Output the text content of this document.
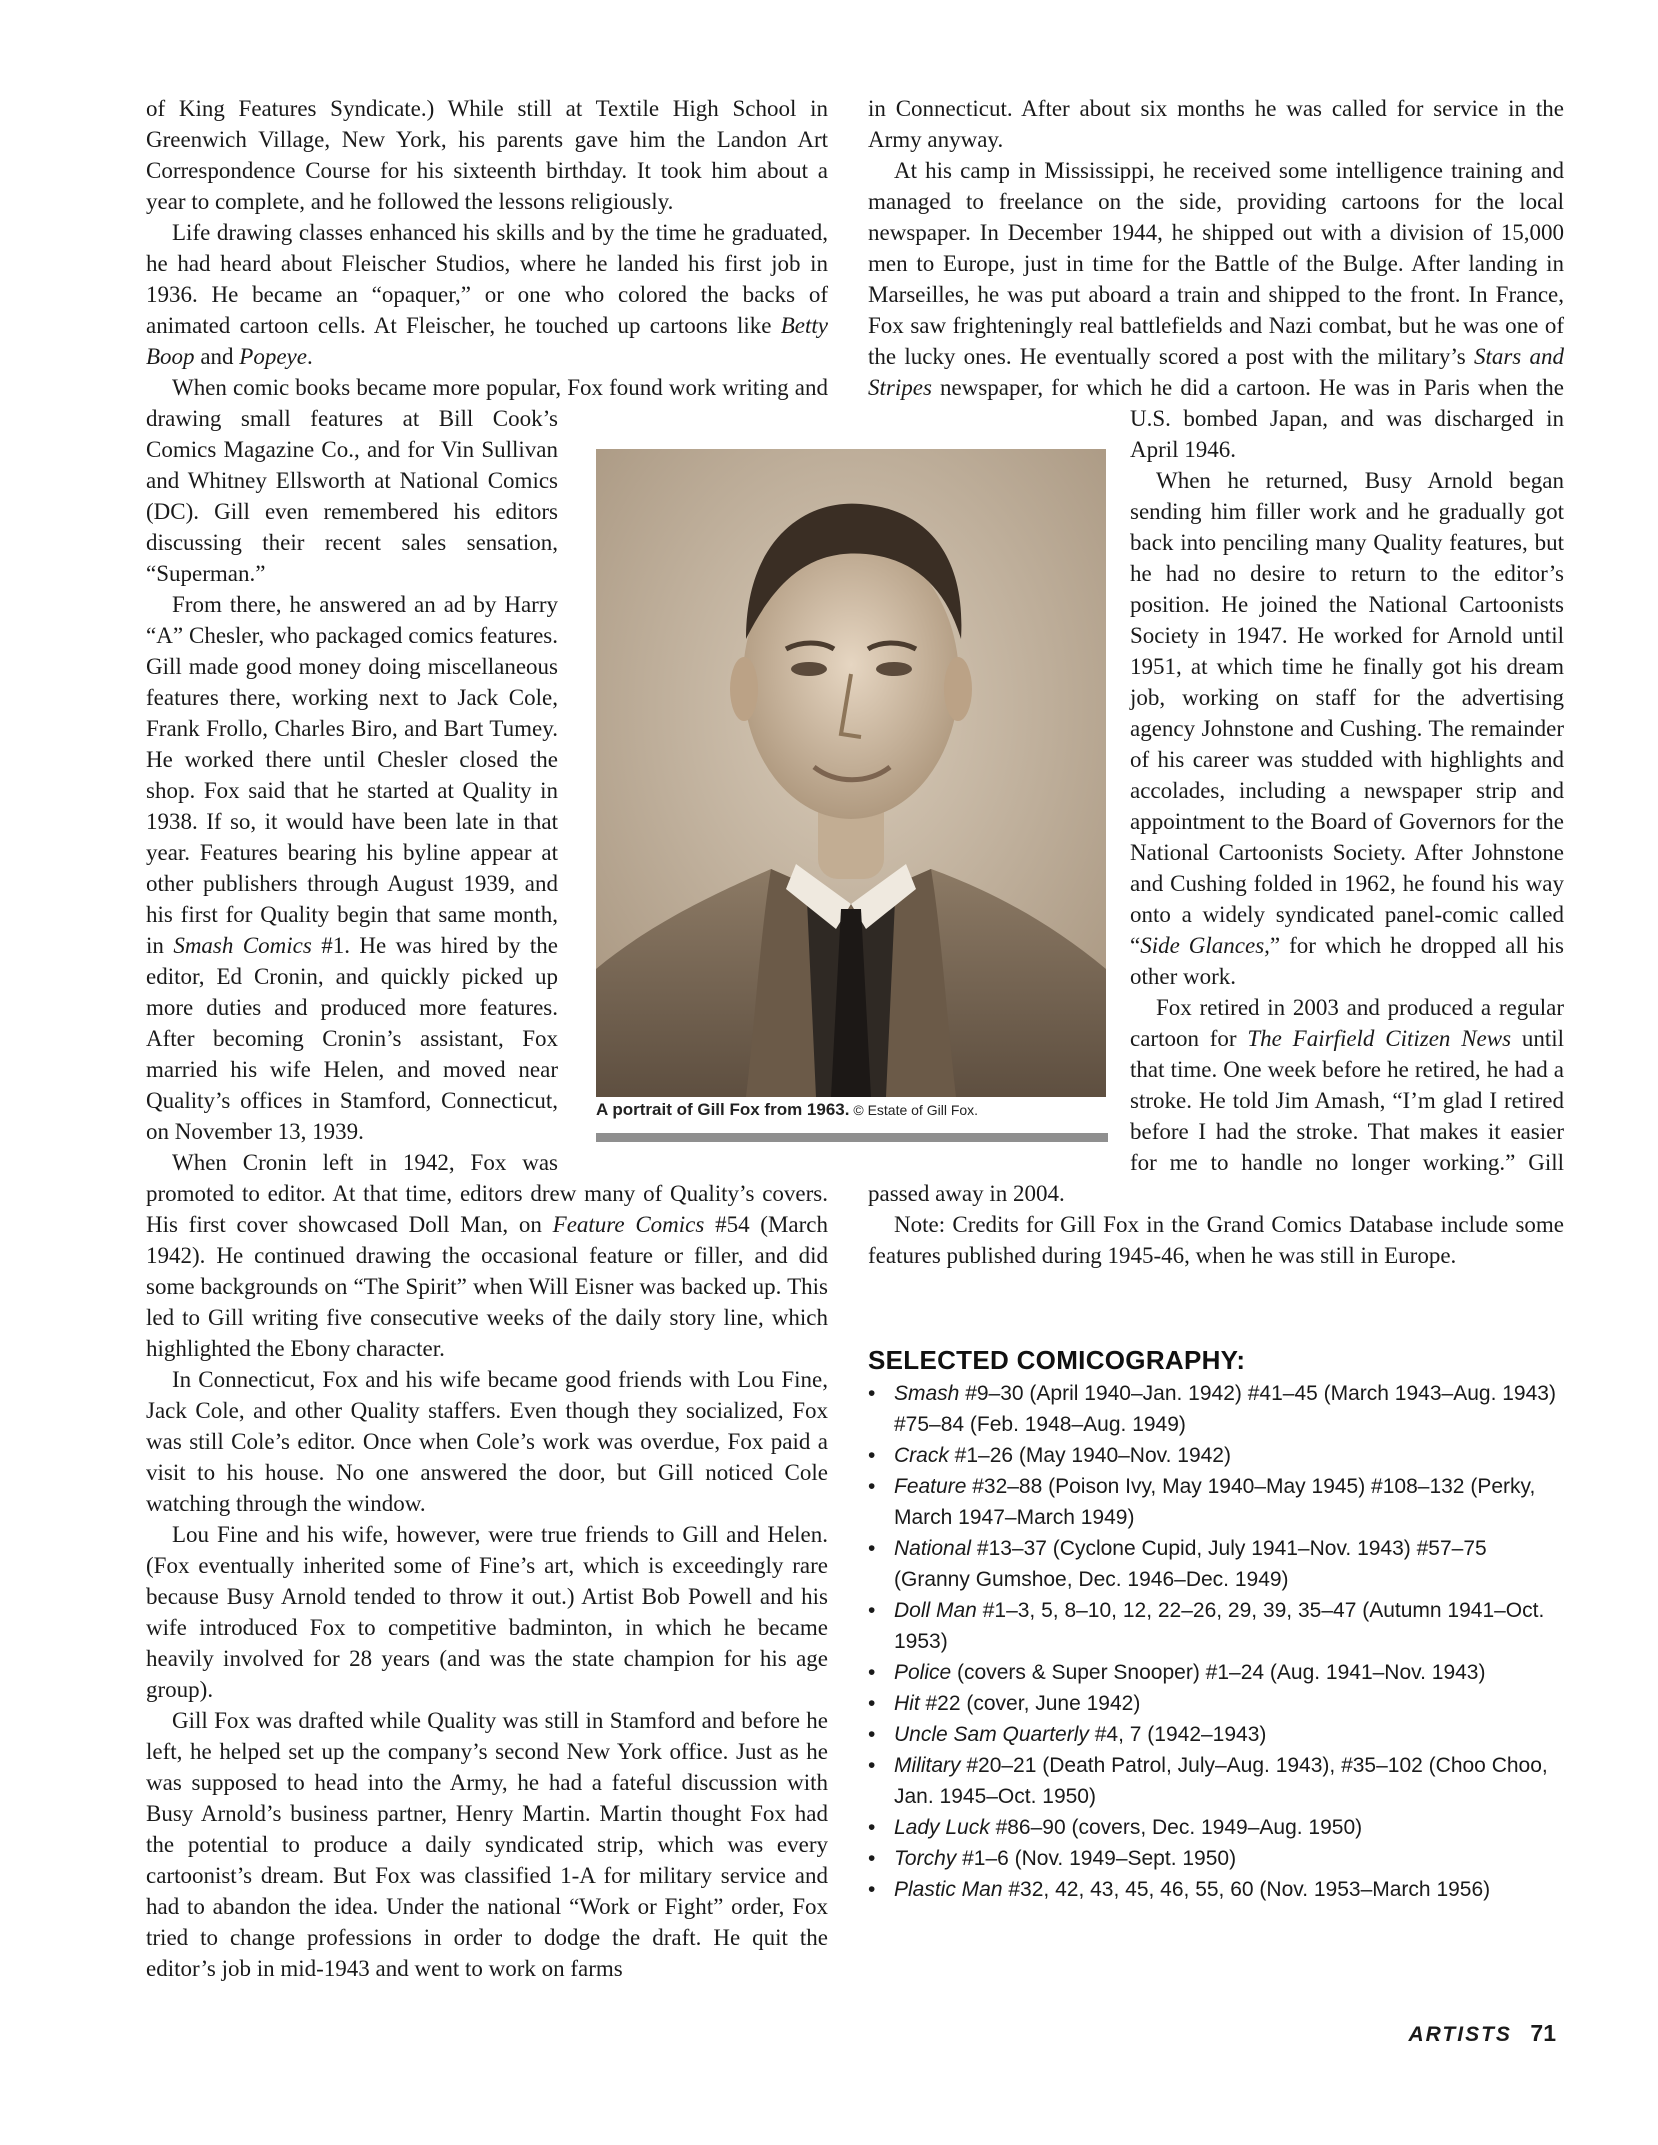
of King Features Syndicate.) While still at Textile High School in Greenwich Village, New York, his parents gave him the Landon Art Correspondence Course for his sixteenth birthday. It took him about a year to complete, and he followed the lessons religiously.

Life drawing classes enhanced his skills and by the time he graduated, he had heard about Fleischer Studios, where he landed his first job in 1936. He became an “opaquer,” or one who colored the backs of animated cartoon cells. At Fleischer, he touched up cartoons like Betty Boop and Popeye.

When comic books became more popular, Fox found work writing and drawing small features at Bill Cook’s Comics Magazine Co., and for Vin Sullivan and Whitney Ellsworth at National Comics (DC). Gill even remembered his editors discussing their recent sales sensation, “Superman.”

From there, he answered an ad by Harry “A” Chesler, who packaged comics features. Gill made good money doing miscellaneous features there, working next to Jack Cole, Frank Frollo, Charles Biro, and Bart Tumey. He worked there until Chesler closed the shop. Fox said that he started at Quality in 1938. If so, it would have been late in that year. Features bearing his byline appear at other publishers through August 1939, and his first for Quality begin that same month, in Smash Comics #1. He was hired by the editor, Ed Cronin, and quickly picked up more duties and produced more features. After becoming Cronin’s assistant, Fox married his wife Helen, and moved near Quality’s offices in Stamford, Connecticut, on November 13, 1939.

When Cronin left in 1942, Fox was promoted to editor. At that time, editors drew many of Quality’s covers. His first cover showcased Doll Man, on Feature Comics #54 (March 1942). He continued drawing the occasional feature or filler, and did some backgrounds on “The Spirit” when Will Eisner was backed up. This led to Gill writing five consecutive weeks of the daily story line, which highlighted the Ebony character.

In Connecticut, Fox and his wife became good friends with Lou Fine, Jack Cole, and other Quality staffers. Even though they socialized, Fox was still Cole’s editor. Once when Cole’s work was overdue, Fox paid a visit to his house. No one answered the door, but Gill noticed Cole watching through the window.

Lou Fine and his wife, however, were true friends to Gill and Helen. (Fox eventually inherited some of Fine’s art, which is exceedingly rare because Busy Arnold tended to throw it out.) Artist Bob Powell and his wife introduced Fox to competitive badminton, in which he became heavily involved for 28 years (and was the state champion for his age group).

Gill Fox was drafted while Quality was still in Stamford and before he left, he helped set up the company’s second New York office. Just as he was supposed to head into the Army, he had a fateful discussion with Busy Arnold’s business partner, Henry Martin. Martin thought Fox had the potential to produce a daily syndicated strip, which was every cartoonist’s dream. But Fox was classified 1-A for military service and had to abandon the idea. Under the national “Work or Fight” order, Fox tried to change professions in order to dodge the draft. He quit the editor’s job in mid-1943 and went to work on farms

in Connecticut. After about six months he was called for service in the Army anyway.

At his camp in Mississippi, he received some intelligence training and managed to freelance on the side, providing cartoons for the local newspaper. In December 1944, he shipped out with a division of 15,000 men to Europe, just in time for the Battle of the Bulge. After landing in Marseilles, he was put aboard a train and shipped to the front. In France, Fox saw frighteningly real battlefields and Nazi combat, but he was one of the lucky ones. He eventually scored a post with the military’s Stars and Stripes newspaper, for which he did a cartoon. He was in Paris when the U.S. bombed Japan, and was discharged in April 1946.

When he returned, Busy Arnold began sending him filler work and he gradually got back into penciling many Quality features, but he had no desire to return to the editor’s position. He joined the National Cartoonists Society in 1947. He worked for Arnold until 1951, at which time he finally got his dream job, working on staff for the advertising agency Johnstone and Cushing. The remainder of his career was studded with highlights and accolades, including a newspaper strip and appointment to the Board of Governors for the National Cartoonists Society. After Johnstone and Cushing folded in 1962, he found his way onto a widely syndicated panel-comic called “Side Glances,” for which he dropped all his other work.

Fox retired in 2003 and produced a regular cartoon for The Fairfield Citizen News until that time. One week before he retired, he had a stroke. He told Jim Amash, “I’m glad I retired before I had the stroke. That makes it easier for me to handle no longer working.” Gill passed away in 2004.

Note: Credits for Gill Fox in the Grand Comics Database include some features published during 1945-46, when he was still in Europe.

A portrait of Gill Fox from 1963. © Estate of Gill Fox.
SELECTED COMICOGRAPHY:
• Smash #9–30 (April 1940–Jan. 1942) #41–45 (March 1943–Aug. 1943) #75–84 (Feb. 1948–Aug. 1949)
• Crack #1–26 (May 1940–Nov. 1942)
• Feature #32–88 (Poison Ivy, May 1940–May 1945) #108–132 (Perky, March 1947–March 1949)
• National #13–37 (Cyclone Cupid, July 1941–Nov. 1943) #57–75 (Granny Gumshoe, Dec. 1946–Dec. 1949)
• Doll Man #1–3, 5, 8–10, 12, 22–26, 29, 39, 35–47 (Autumn 1941–Oct. 1953)
• Police (covers & Super Snooper) #1–24 (Aug. 1941–Nov. 1943)
• Hit #22 (cover, June 1942)
• Uncle Sam Quarterly #4, 7 (1942–1943)
• Military #20–21 (Death Patrol, July–Aug. 1943), #35–102 (Choo Choo, Jan. 1945–Oct. 1950)
• Lady Luck #86–90 (covers, Dec. 1949–Aug. 1950)
• Torchy #1–6 (Nov. 1949–Sept. 1950)
• Plastic Man #32, 42, 43, 45, 46, 55, 60 (Nov. 1953–March 1956)
ARTISTS 71
